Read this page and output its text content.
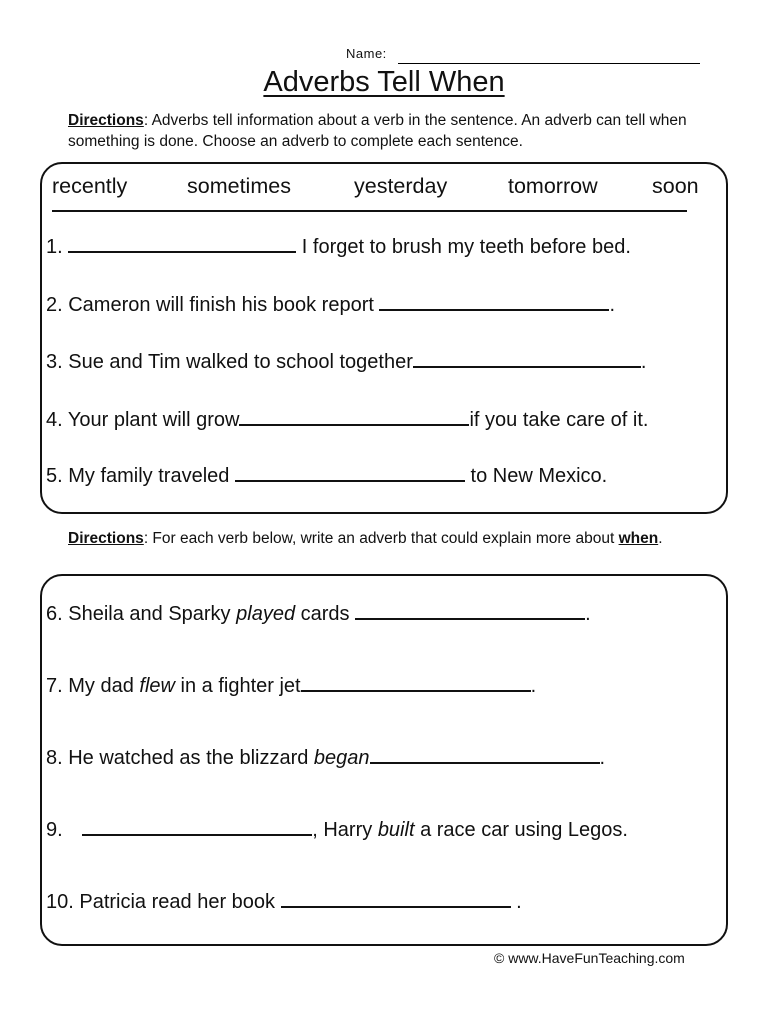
Name:
Adverbs Tell When
Directions: Adverbs tell information about a verb in the sentence. An adverb can tell when something is done. Choose an adverb to complete each sentence.
recently	sometimes	yesterday	tomorrow	soon
1.	I forget to brush my teeth before bed.
2. Cameron will finish his book report	.
3. Sue and Tim walked to school together	.
4. Your plant will grow	if you take care of it.
5. My family traveled	to New Mexico.
Directions: For each verb below, write an adverb that could explain more about when.
6. Sheila and Sparky played cards	.
7. My dad flew in a fighter jet	.
8. He watched as the blizzard began	.
9.	, Harry built a race car using Legos.
10. Patricia read her book	.
© www.HaveFunTeaching.com
